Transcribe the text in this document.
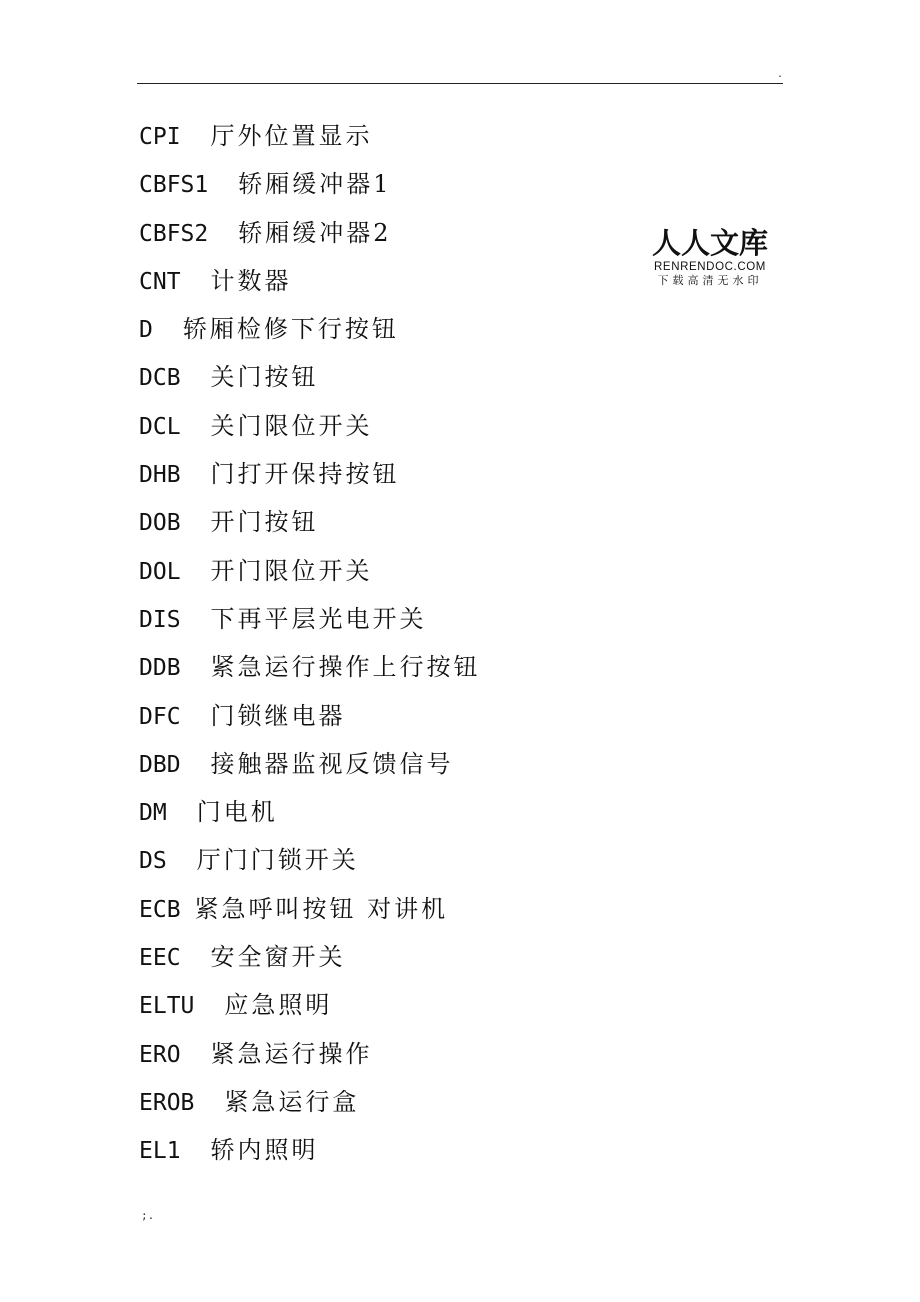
.
CPI 厅外位置显示
CBFS1 轿厢缓冲器1
CBFS2 轿厢缓冲器2
CNT 计数器
D 轿厢检修下行按钮
DCB 关门按钮
DCL 关门限位开关
DHB 门打开保持按钮
DOB 开门按钮
DOL 开门限位开关
DIS 下再平层光电开关
DDB 紧急运行操作上行按钮
DFC 门锁继电器
DBD 接触器监视反馈信号
DM 门电机
DS 厅门门锁开关
ECB 紧急呼叫按钮 对讲机
EEC 安全窗开关
ELTU 应急照明
ERO 紧急运行操作
EROB 紧急运行盒
EL1 轿内照明
人人文库
RENRENDOC.COM
下载高清无水印
;.
